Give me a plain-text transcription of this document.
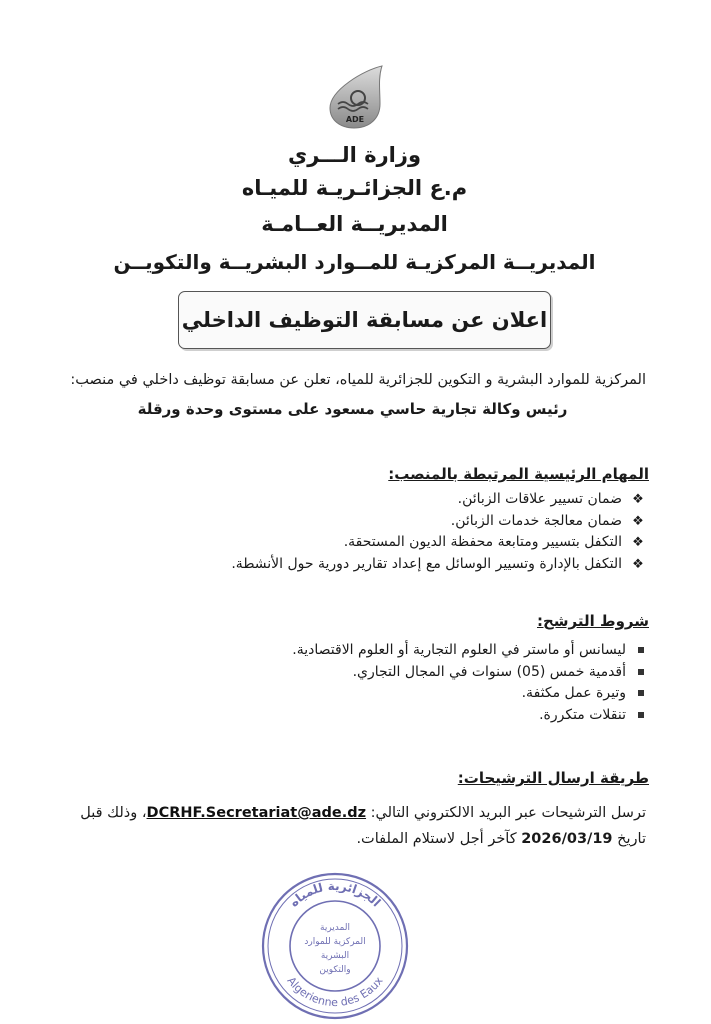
ADE
وزارة الـــري
م.ع الجزائـريـة للميـاه
المديريــة العــامـة
المديريــة المركزيـة للمــوارد البشريــة والتكويــن
اعلان عن مسابقة التوظيف الداخلي
المركزية للموارد البشرية و التكوين للجزائرية للمياه، تعلن عن مسابقة توظيف داخلي في منصب:
رئيس وكالة تجارية حاسي مسعود على مستوى وحدة ورقلة
المهام الرئيسية المرتبطة بالمنصب:
❖ضمان تسيير علاقات الزبائن.
❖ضمان معالجة خدمات الزبائن.
❖التكفل بتسيير ومتابعة محفظة الديون المستحقة.
❖التكفل بالإدارة وتسيير الوسائل مع إعداد تقارير دورية حول الأنشطة.
شروط الترشح:
ليسانس أو ماستر في العلوم التجارية أو العلوم الاقتصادية.
أقدمية خمس (05) سنوات في المجال التجاري.
وتيرة عمل مكثفة.
تنقلات متكررة.
طريقة ارسال الترشيحات:
ترسل الترشيحات عبر البريد الالكتروني التالي: DCRHF.Secretariat@ade.dz، وذلك قبل
تاريخ 2026/03/19 كآخر أجل لاستلام الملفات.
الجزائرية للمياه
Algerienne des Eaux
المديرية
المركزية للموارد
البشرية
والتكوين
